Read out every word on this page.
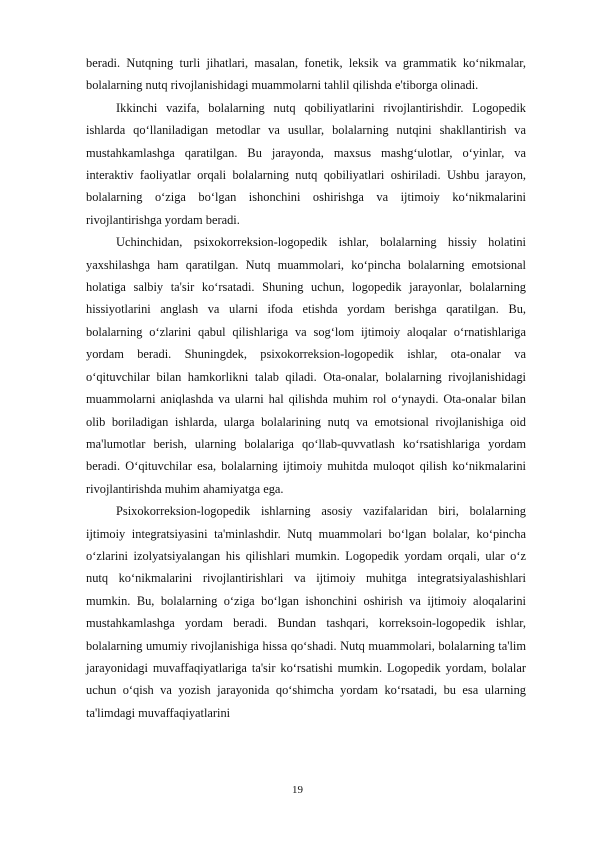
beradi. Nutqning turli jihatlari, masalan, fonetik, leksik va grammatik ko‘nikmalar, bolalarning nutq rivojlanishidagi muammolarni tahlil qilishda e'tiborga olinadi.

Ikkinchi vazifa, bolalarning nutq qobiliyatlarini rivojlantirishdir. Logopedik ishlarda qo‘llaniladigan metodlar va usullar, bolalarning nutqini shakllantirish va mustahkamlashga qaratilgan. Bu jarayonda, maxsus mashg‘ulotlar, o‘yinlar, va interaktiv faoliyatlar orqali bolalarning nutq qobiliyatlari oshiriladi. Ushbu jarayon, bolalarning o‘ziga bo‘lgan ishonchini oshirishga va ijtimoiy ko‘nikmalarini rivojlantirishga yordam beradi.

Uchinchidan, psixokorreksion-logopedik ishlar, bolalarning hissiy holatini yaxshilashga ham qaratilgan. Nutq muammolari, ko‘pincha bolalarning emotsional holatiga salbiy ta'sir ko‘rsatadi. Shuning uchun, logopedik jarayonlar, bolalarning hissiyotlarini anglash va ularni ifoda etishda yordam berishga qaratilgan. Bu, bolalarning o‘zlarini qabul qilishlariga va sog‘lom ijtimoiy aloqalar o‘rnatishlariga yordam beradi. Shuningdek, psixokorreksion-logopedik ishlar, ota-onalar va o‘qituvchilar bilan hamkorlikni talab qiladi. Ota-onalar, bolalarning rivojlanishidagi muammolarni aniqlashda va ularni hal qilishda muhim rol o‘ynaydi. Ota-onalar bilan olib boriladigan ishlarda, ularga bolalarining nutq va emotsional rivojlanishiga oid ma'lumotlar berish, ularning bolalariga qo‘llab-quvvatlash ko‘rsatishlariga yordam beradi. O‘qituvchilar esa, bolalarning ijtimoiy muhitda muloqot qilish ko‘nikmalarini rivojlantirishda muhim ahamiyatga ega.

Psixokorreksion-logopedik ishlarning asosiy vazifalaridan biri, bolalarning ijtimoiy integratsiyasini ta'minlashdir. Nutq muammolari bo‘lgan bolalar, ko‘pincha o‘zlarini izolyatsiyalangan his qilishlari mumkin. Logopedik yordam orqali, ular o‘z nutq ko‘nikmalarini rivojlantirishlari va ijtimoiy muhitga integratsiyalashishlari mumkin. Bu, bolalarning o‘ziga bo‘lgan ishonchini oshirish va ijtimoiy aloqalarini mustahkamlashga yordam beradi. Bundan tashqari, korreksoin-logopedik ishlar, bolalarning umumiy rivojlanishiga hissa qo‘shadi. Nutq muammolari, bolalarning ta'lim jarayonidagi muvaffaqiyatlariga ta'sir ko‘rsatishi mumkin. Logopedik yordam, bolalar uchun o‘qish va yozish jarayonida qo‘shimcha yordam ko‘rsatadi, bu esa ularning ta'limdagi muvaffaqiyatlarini

19
